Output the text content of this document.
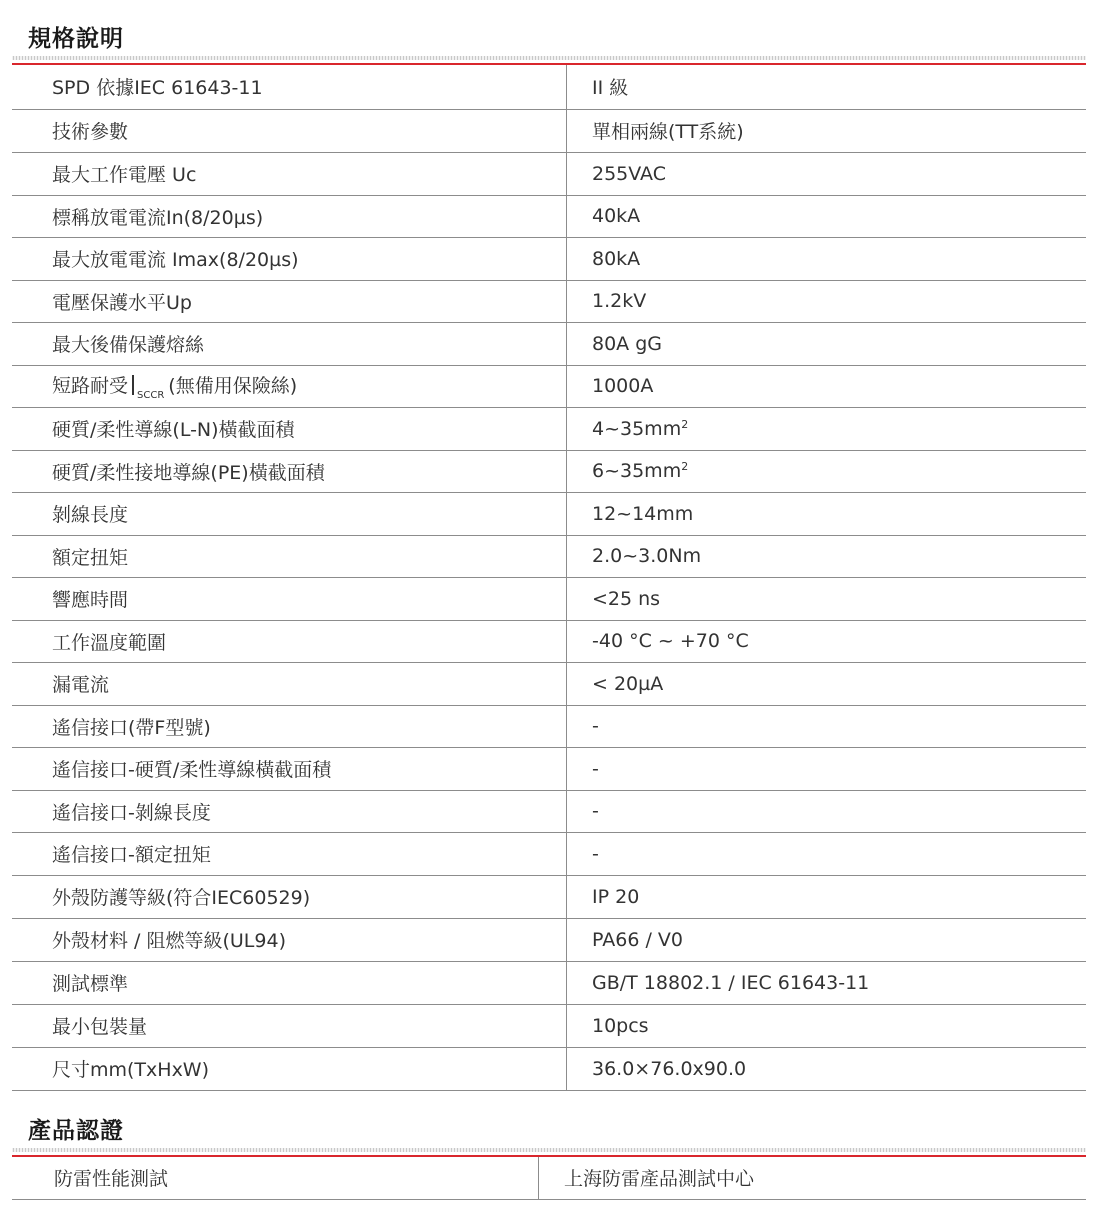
規格說明
SPD 依據IEC 61643-11	II 級
技術參數	單相兩線(TT系統)
最大工作電壓 Uc	255VAC
標稱放電電流In(8/20µs)	40kA
最大放電電流 Imax(8/20µs)	80kA
電壓保護水平Up	1.2kV
最大後備保護熔絲	80A gG
短路耐受 $_{SCCR}$ (無備用保險絲)	1000A
硬質/柔性導線(L-N)橫截面積	$4\sim 35mm^2$
硬質/柔性接地導線(PE)橫截面積	$6\sim 35mm^2$
剝線長度	12~14mm
額定扭矩	2.0~3.0Nm
響應時間	<25 ns
工作溫度範圍	-40 °C ~ +70 °C
漏電流	< 20µA
遙信接口(帶F型號)	-
遙信接口-硬質/柔性導線橫截面積	-
遙信接口-剝線長度	-
遙信接口-額定扭矩	-
外殼防護等級(符合IEC60529)	IP 20
外殼材料 / 阻燃等級(UL94)	PA66 / V0
測試標準	GB/T 18802.1 / IEC 61643-11
最小包裝量	10pcs
尺寸mm(TxHxW)	36.0×76.0x90.0
產品認證
防雷性能測試	上海防雷產品測試中心
